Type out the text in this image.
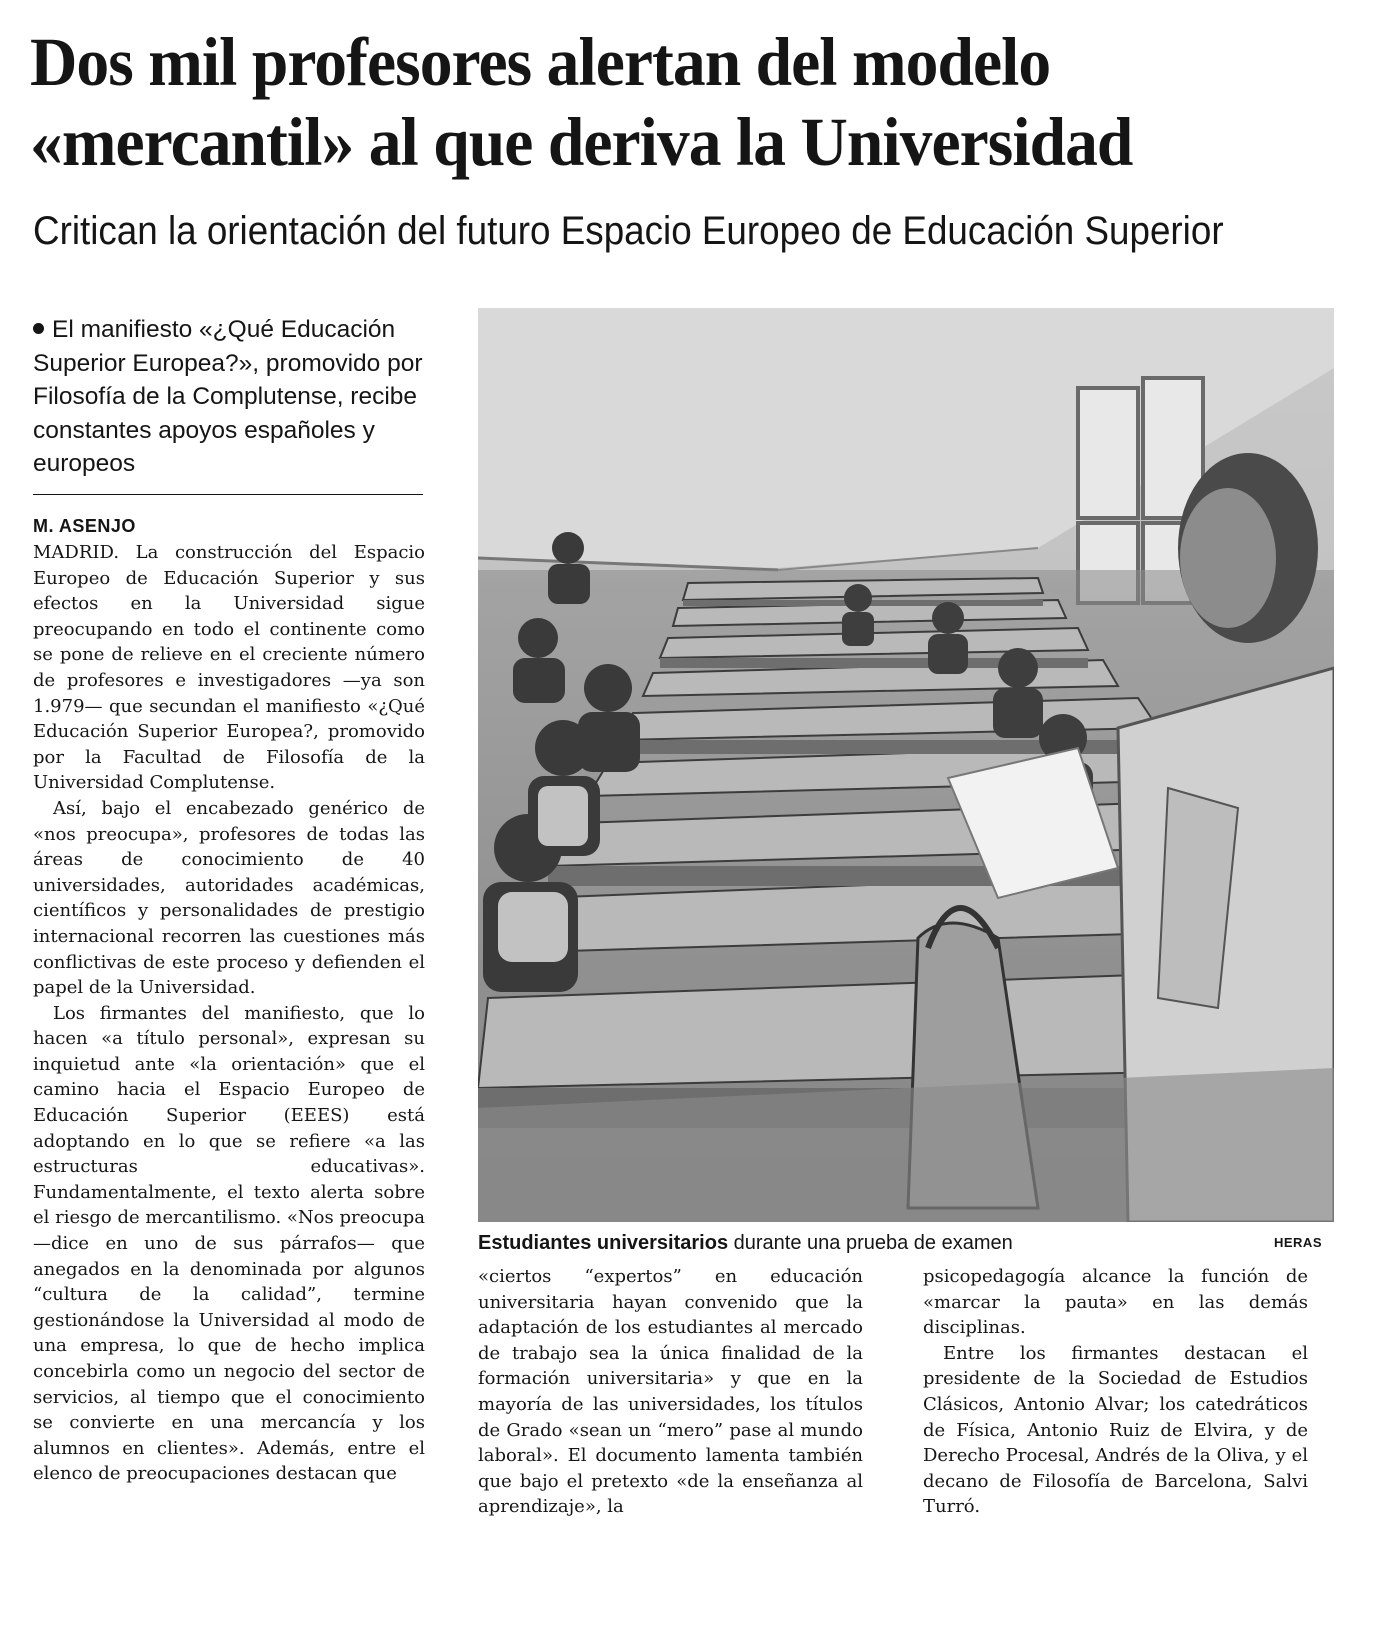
Dos mil profesores alertan del modelo
«mercantil» al que deriva la Universidad
Critican la orientación del futuro Espacio Europeo de Educación Superior
El manifiesto «¿Qué Educación Superior Europea?», promovido por Filosofía de la Complutense, recibe constantes apoyos españoles y europeos
M. ASENJO

MADRID. La construcción del Espacio Europeo de Educación Superior y sus efectos en la Universidad sigue preocupando en todo el continente como se pone de relieve en el creciente número de profesores e investigadores —ya son 1.979— que secundan el manifiesto «¿Qué Educación Superior Europea?, promovido por la Facultad de Filosofía de la Universidad Complutense.

Así, bajo el encabezado genérico de «nos preocupa», profesores de todas las áreas de conocimiento de 40 universidades, autoridades académicas, científicos y personalidades de prestigio internacional recorren las cuestiones más conflictivas de este proceso y defienden el papel de la Universidad.

Los firmantes del manifiesto, que lo hacen «a título personal», expresan su inquietud ante «la orientación» que el camino hacia el Espacio Europeo de Educación Superior (EEES) está adoptando en lo que se refiere «a las estructuras educativas». Fundamentalmente, el texto alerta sobre el riesgo de mercantilismo. «Nos preocupa —dice en uno de sus párrafos— que anegados en la denominada por algunos “cultura de la calidad”, termine gestionándose la Universidad al modo de una empresa, lo que de hecho implica concebirla como un negocio del sector de servicios, al tiempo que el conocimiento se convierte en una mercancía y los alumnos en clientes». Además, entre el elenco de preocupaciones destacan que

Estudiantes universitarios durante una prueba de examen	HERAS

«ciertos “expertos” en educación universitaria hayan convenido que la adaptación de los estudiantes al mercado de trabajo sea la única finalidad de la formación universitaria» y que en la mayoría de las universidades, los títulos de Grado «sean un “mero” pase al mundo laboral». El documento lamenta también que bajo el pretexto «de la enseñanza al aprendizaje», la

psicopedagogía alcance la función de «marcar la pauta» en las demás disciplinas.

Entre los firmantes destacan el presidente de la Sociedad de Estudios Clásicos, Antonio Alvar; los catedráticos de Física, Antonio Ruiz de Elvira, y de Derecho Procesal, Andrés de la Oliva, y el decano de Filosofía de Barcelona, Salvi Turró.
